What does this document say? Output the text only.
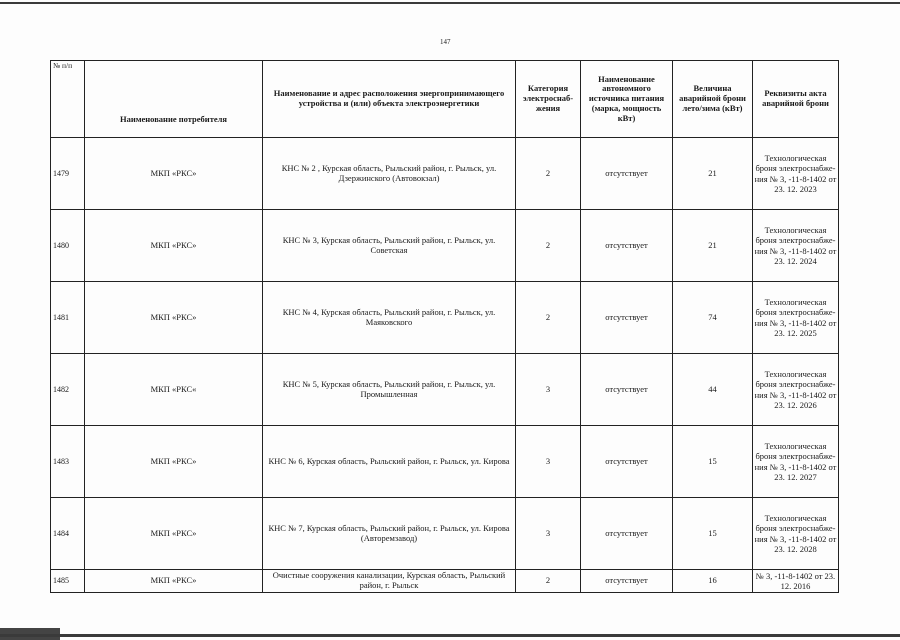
147
№ п/п	Наименование потребителя	Наименование и адрес расположения энергопринимающего устройства и (или) объекта электроэнергетики	Категория электроснаб-жения	Наименование автономного источника питания (марка, мощность кВт)	Величина аварийной брони лето/зима (кВт)	Реквизиты акта аварийной брони
1479	МКП «РКС»	КНС № 2 , Курская область, Рыльский район, г. Рыльск, ул. Дзержинского (Автовокзал)	2	отсутствует	21	Технологическая броня электроснабже-ния № 3, -11-8-1402 от 23. 12. 2023
1480	МКП «РКС»	КНС № 3, Курская область, Рыльский район, г. Рыльск, ул. Советская	2	отсутствует	21	Технологическая броня электроснабже-ния № 3, -11-8-1402 от 23. 12. 2024
1481	МКП «РКС»	КНС № 4, Курская область, Рыльский район, г. Рыльск, ул. Маяковского	2	отсутствует	74	Технологическая броня электроснабже-ния № 3, -11-8-1402 от 23. 12. 2025
1482	МКП «РКС«	КНС № 5, Курская область, Рыльский район, г. Рыльск, ул. Промышленная	3	отсутствует	44	Технологическая броня электроснабже-ния № 3, -11-8-1402 от 23. 12. 2026
1483	МКП «РКС»	КНС № 6, Курская область, Рыльский район, г. Рыльск, ул. Кирова	3	отсутствует	15	Технологическая броня электроснабже-ния № 3, -11-8-1402 от 23. 12. 2027
1484	МКП «РКС»	КНС № 7, Курская область, Рыльский район, г. Рыльск, ул. Кирова (Авторемзавод)	3	отсутствует	15	Технологическая броня электроснабже-ния № 3, -11-8-1402 от 23. 12. 2028
1485	МКП «РКС»	Очистные сооружения канализации, Курская область, Рыльский район, г. Рыльск	2	отсутствует	16	№ 3, -11-8-1402 от 23. 12. 2016
